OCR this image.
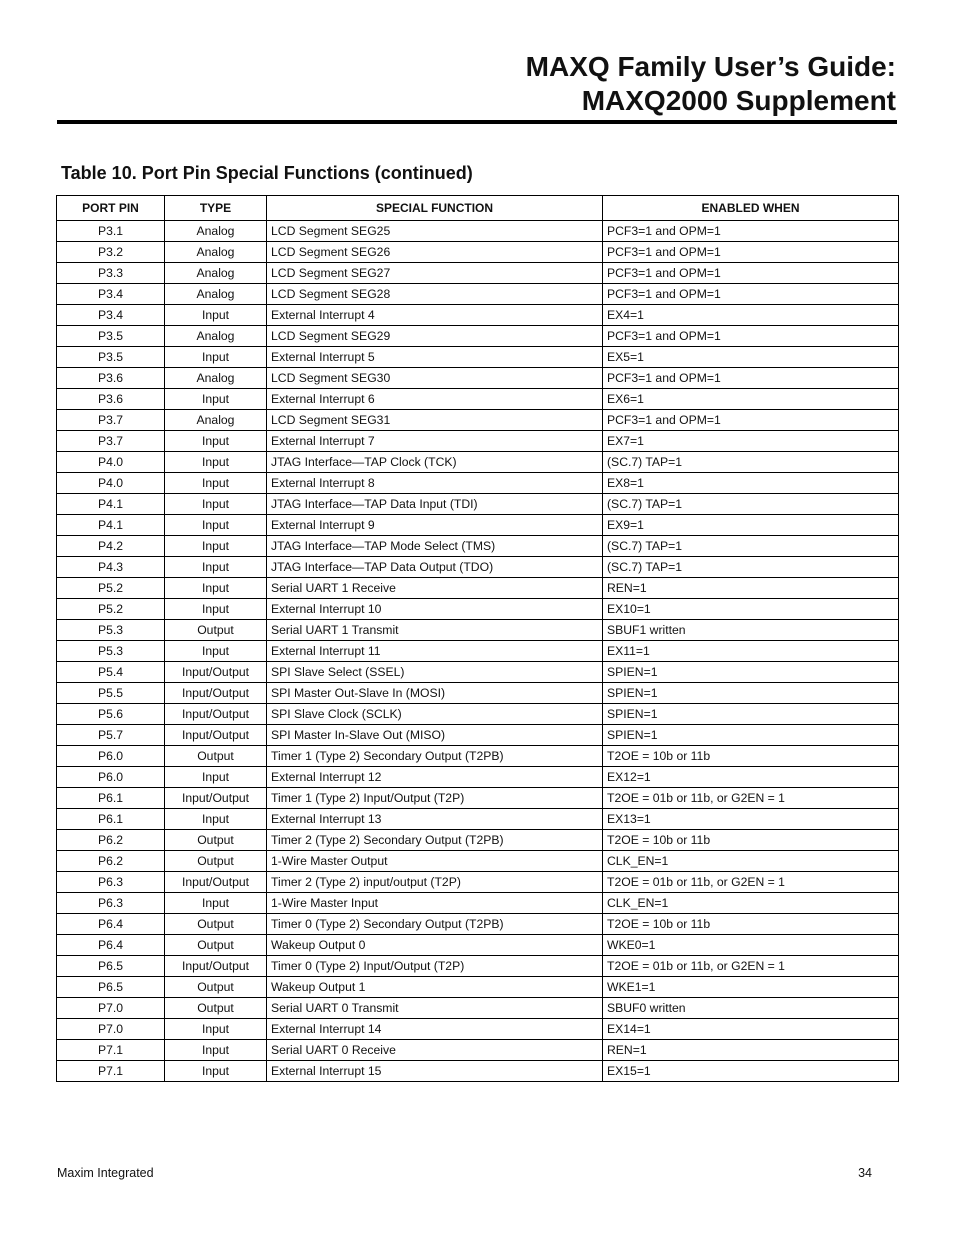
MAXQ Family User’s Guide:
MAXQ2000 Supplement
Table 10. Port Pin Special Functions (continued)
PORT PIN	TYPE	SPECIAL FUNCTION	ENABLED WHEN
P3.1	Analog	LCD Segment SEG25	PCF3=1 and OPM=1
P3.2	Analog	LCD Segment SEG26	PCF3=1 and OPM=1
P3.3	Analog	LCD Segment SEG27	PCF3=1 and OPM=1
P3.4	Analog	LCD Segment SEG28	PCF3=1 and OPM=1
P3.4	Input	External Interrupt 4	EX4=1
P3.5	Analog	LCD Segment SEG29	PCF3=1 and OPM=1
P3.5	Input	External Interrupt 5	EX5=1
P3.6	Analog	LCD Segment SEG30	PCF3=1 and OPM=1
P3.6	Input	External Interrupt 6	EX6=1
P3.7	Analog	LCD Segment SEG31	PCF3=1 and OPM=1
P3.7	Input	External Interrupt 7	EX7=1
P4.0	Input	JTAG Interface—TAP Clock (TCK)	(SC.7) TAP=1
P4.0	Input	External Interrupt 8	EX8=1
P4.1	Input	JTAG Interface—TAP Data Input (TDI)	(SC.7) TAP=1
P4.1	Input	External Interrupt 9	EX9=1
P4.2	Input	JTAG Interface—TAP Mode Select (TMS)	(SC.7) TAP=1
P4.3	Input	JTAG Interface—TAP Data Output (TDO)	(SC.7) TAP=1
P5.2	Input	Serial UART 1 Receive	REN=1
P5.2	Input	External Interrupt 10	EX10=1
P5.3	Output	Serial UART 1 Transmit	SBUF1 written
P5.3	Input	External Interrupt 11	EX11=1
P5.4	Input/Output	SPI Slave Select (SSEL)	SPIEN=1
P5.5	Input/Output	SPI Master Out-Slave In (MOSI)	SPIEN=1
P5.6	Input/Output	SPI Slave Clock (SCLK)	SPIEN=1
P5.7	Input/Output	SPI Master In-Slave Out (MISO)	SPIEN=1
P6.0	Output	Timer 1 (Type 2) Secondary Output (T2PB)	T2OE = 10b or 11b
P6.0	Input	External Interrupt 12	EX12=1
P6.1	Input/Output	Timer 1 (Type 2) Input/Output (T2P)	T2OE = 01b or 11b, or G2EN = 1
P6.1	Input	External Interrupt 13	EX13=1
P6.2	Output	Timer 2 (Type 2) Secondary Output (T2PB)	T2OE = 10b or 11b
P6.2	Output	1-Wire Master Output	CLK_EN=1
P6.3	Input/Output	Timer 2 (Type 2) input/output (T2P)	T2OE = 01b or 11b, or G2EN = 1
P6.3	Input	1-Wire Master Input	CLK_EN=1
P6.4	Output	Timer 0 (Type 2) Secondary Output (T2PB)	T2OE = 10b or 11b
P6.4	Output	Wakeup Output 0	WKE0=1
P6.5	Input/Output	Timer 0 (Type 2) Input/Output (T2P)	T2OE = 01b or 11b, or G2EN = 1
P6.5	Output	Wakeup Output 1	WKE1=1
P7.0	Output	Serial UART 0 Transmit	SBUF0 written
P7.0	Input	External Interrupt 14	EX14=1
P7.1	Input	Serial UART 0 Receive	REN=1
P7.1	Input	External Interrupt 15	EX15=1
Maxim Integrated	34
